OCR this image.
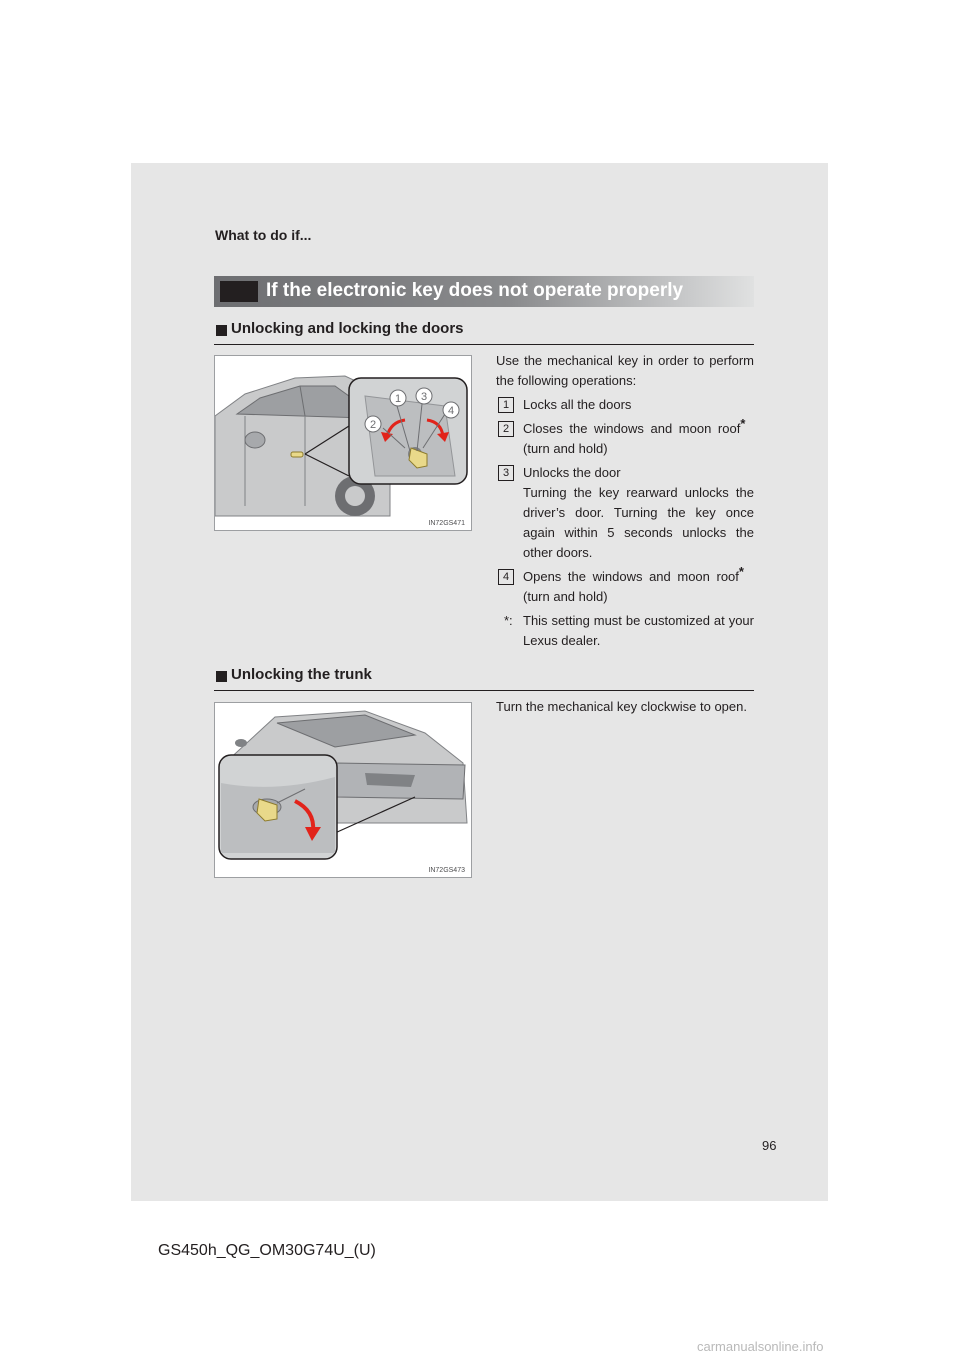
What to do if...
If the electronic key does not operate properly
Unlocking and locking the doors
1 3
2
4
IN72GS471
Use the mechanical key in order to perform the following operations:
1	Locks all the doors
2	Closes the windows and moon roof*
(turn and hold)
3	Unlocks the door
Turning the key rearward unlocks the driver’s door. Turning the key once again within 5 seconds unlocks the other doors.
4	Opens the windows and moon roof*
(turn and hold)
*: This setting must be customized at your Lexus dealer.
Unlocking the trunk
IN72GS473
Turn the mechanical key clockwise to open.
96
GS450h_QG_OM30G74U_(U)
carmanualsonline.info
